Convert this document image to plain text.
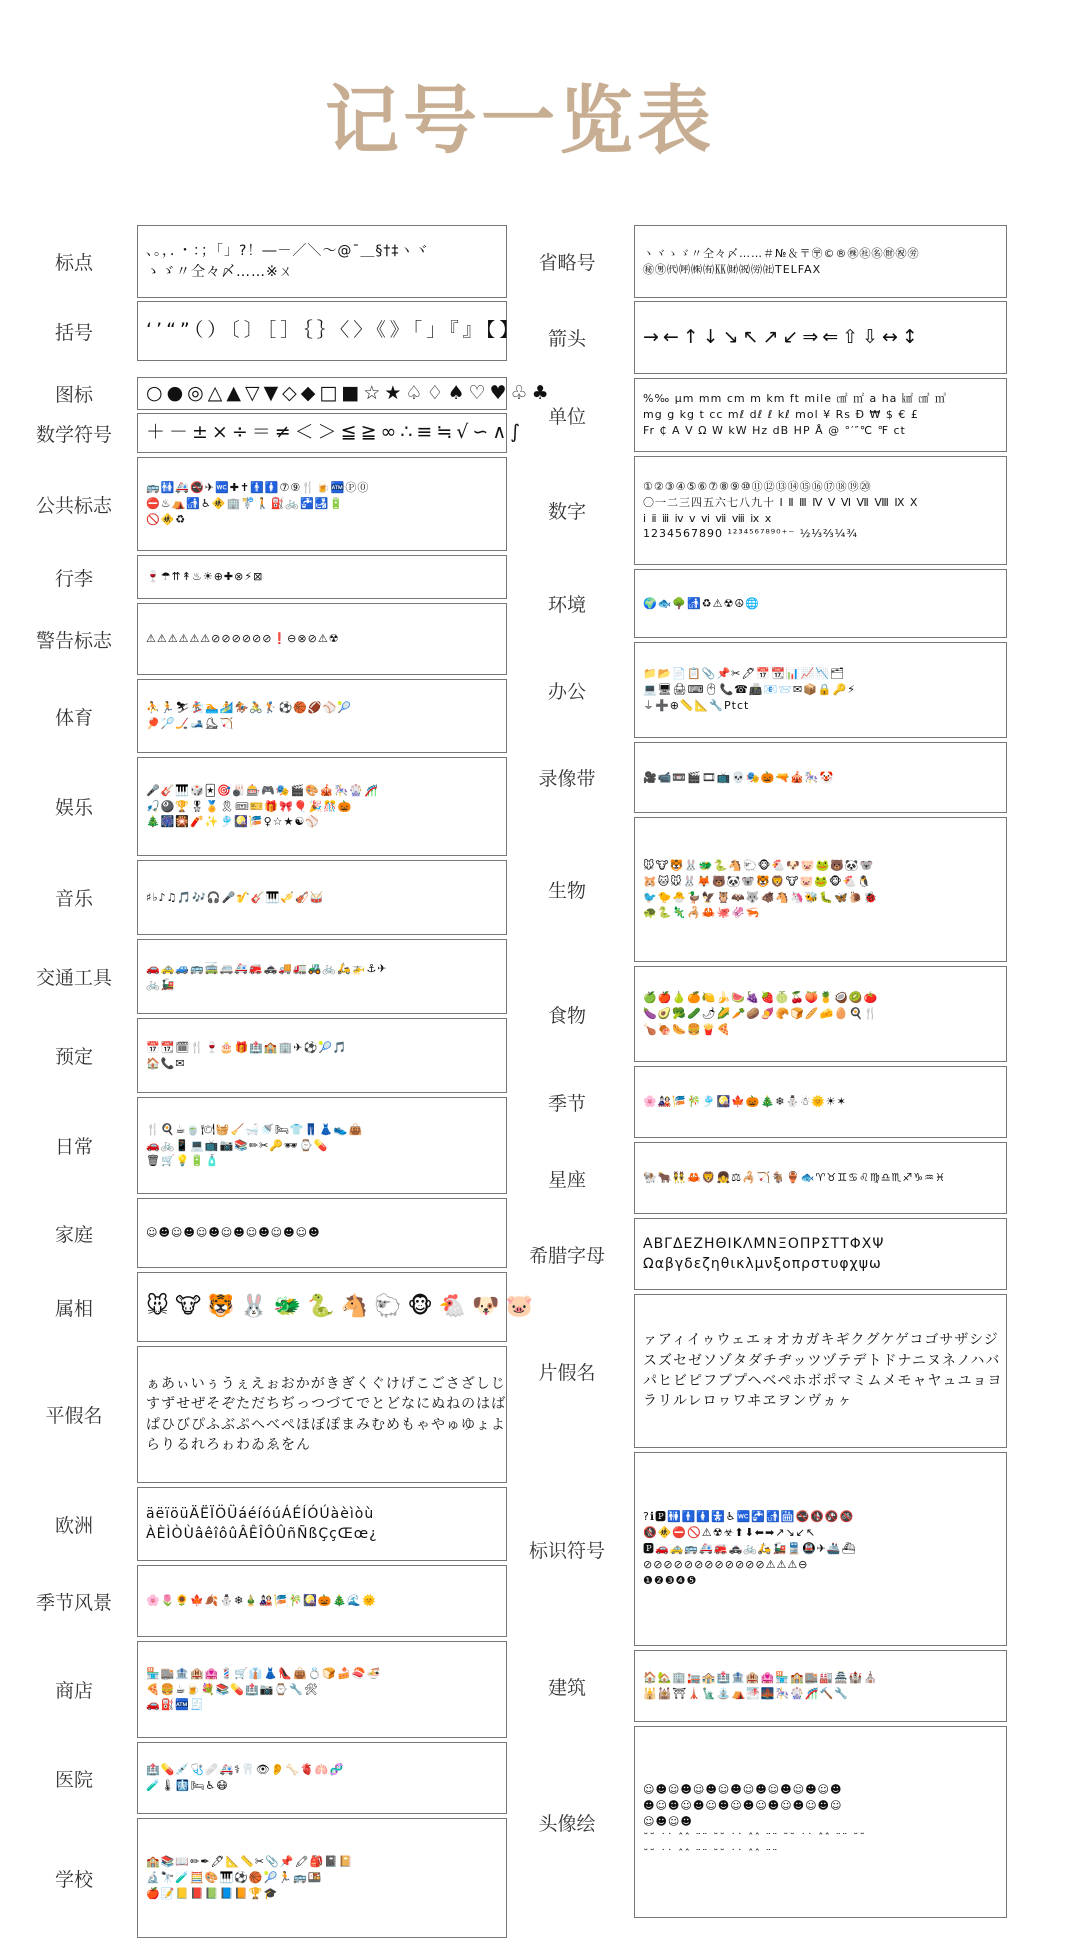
记号一览表
标点
、。，．・：；「」?！―－／＼～@¯＿§†‡ヽヾ
ゝゞ〃仝々〆……※ㄨ
括号	‘’“”（）〔〕［］｛｝〈〉《》「」『』【】
图标	○●◎△▲▽▼◇◆□■☆★♤♢♠♡♥♧♣
数学符号	＋－±×÷＝≠＜＞≦≧∞∴≡≒√∽∧∫
公共标志
🚌🚻🚑🚭✈🚾✚✝🚹🚺⑦⑨🍴🍺🏧Ⓟ⓪
⛔♨⛺🚮♿🚸🏢🚏🚶⛽🚲🚰🛃🔋
🚫🚸♻
行李	🍷☂⇈↟♨☀⊕✚⊗⚡⊠
警告标志	⚠⚠⚠⚠⚠⚠⊘⊘⊘⊘⊘⊘❗⊖⊗⊘⚠☢
体育	⛹🏃⛷🏂🏊🏄🏇🚴🏌⚽🏀🏈⚾🎾
🏓🏸🏒🎿⛸🏹
娱乐
🎤🎸🎹🎲🃏🎯🎳🎰🎮🎭🎬🎨🎪🎠🎡🎢
🎣🎱🏆🎖🏅🎗🎟🎫🎁🎀🎈🎉🎊🎃
🎄🎆🎇🧨✨🎐🎑🎏♀☆★☯⚾
音乐	♯♭♪♫🎵🎶🎧🎤🎷🎸🎹🎺🎻🥁
交通工具	🚗🚕🚙🚌🚎🚐🚑🚒🚓🚚🚛🚜🚲🛵🚁⚓✈
🚲🚂
预定	📅📆🗓🍴🍷🎂🎁🏥🏫🏢✈⚽🎾🎵
🏠📞✉
日常
🍴🍳☕🍵🍽🧺🧹🛁🚿🛏👕👖👗👟👜
🚗🚲📱💻📺📷📚✏✂🔑🕶⌚💊
🗑🛒💡🔋🧴
家庭	☺☻☺☻☺☻☺☻☺☻☺☻☺☻
属相	🐭🐮🐯🐰🐲🐍🐴🐑🐵🐔🐶🐷
平假名
ぁあぃいぅうぇえぉおかがきぎくぐけげこごさざしじ
すずせぜそぞただちぢっつづてでとどなにぬねのはば
ぱひびぴふぶぷへべぺほぼぽまみむめもゃやゅゆょよ
らりるれろゎわゐゑをん
欧洲
äëïöüÄËÏÖÜáéíóúÁÉÍÓÚàèìòù
ÀÈÌÒÙâêîôûÂÊÎÔÛñÑßÇçŒœ¿
季节风景	🌸🌷🌻🍁🍂⛄❄🎍🎎🎏🎋🎑🎃🎄🌊🌞
商店
🏪🏬🏦🏨🏩💈🛒👔👗👠👜💍🍞🍰🍣🍜
🍕🍔☕🍺💐📚💊🏥📷⌚🔧🛠
🚗⛽🏧🧾
医院	🏥💊💉🩺🩹🚑⚕🦷👁👂🦴🫀🫁🧬
🧪🌡🩻🛏♿😷
学校
🏫📚📖✏✒🖊📐📏✂📎📌🖍🎒📓📔
🔬🔭🧪🧮🎨🎹⚽🏀🎾🏃🚌🍱
🍎📝📒📕📗📘📙🏆🎓
省略号	ヽヾゝゞ〃仝々〆……＃№＆〒〶©®㊑㊓㊔㊖㊗㊘
㊙㊚㈹㈺㈱㈲㏍㈶㈷㈸㈳TELFAX
箭头	→←↑↓↘↖↗↙⇒⇐⇧⇩↔↕
单位
%‰ μm mm cm m km ft mile ㎠ ㎡ a ha ㎢ ㎤ ㎥
mg g kg t cc mℓ dℓ ℓ kℓ mol ¥ Rs Đ ₩ $ € £
Fr ₵ A V Ω W kW Hz dB HP Å @ °′″℃ ℉ ct
数字
①②③④⑤⑥⑦⑧⑨⑩⑪⑫⑬⑭⑮⑯⑰⑱⑲⑳
〇一二三四五六七八九十 Ⅰ Ⅱ Ⅲ Ⅳ Ⅴ Ⅵ Ⅶ Ⅷ Ⅸ Ⅹ
ⅰ ⅱ ⅲ ⅳ ⅴ ⅵ ⅶ ⅷ ⅸ ⅹ
1234567890 ¹²³⁴⁵⁶⁷⁸⁹⁰⁺⁻ ½⅓⅔¼¾
环境	🌍🐟🌳🚮♻⚠☢☮🌐
办公
📁📂📄📋📎📌✂🖊📅📆📊📈📉🗂
💻🖥🖨⌨🖱📞☎📠📧📨✉📦🔒🔑⚡
⏚➕⊕📏📐🔧Ptct
录像带	🎥📹📼🎬🎞📺💀🎭🎃🔫🎪🎠🤡
生物
🐭🐮🐯🐰🐲🐍🐴🐑🐵🐔🐶🐷🐸🐻🐼🐨
🐹🐱🐭🐰🦊🐻🐼🐨🐯🦁🐮🐷🐸🐵🐔🐧
🐦🐤🐣🦆🦅🦉🦇🐺🐗🐴🦄🐝🐛🦋🐌🐞
🐢🐍🦎🦂🦀🐙🦑🦐
食物
🍏🍎🍐🍊🍋🍌🍉🍇🍓🍈🍒🍑🍍🥥🥝🍅
🍆🥑🥦🥒🌶🌽🥕🥔🍠🥐🍞🥖🧀🥚🍳🍴
🍗🍖🌭🍔🍟🍕
季节	🌸🎎🎏🎋🎐🎑🍁🎃🎄❄⛄☃🌞☀✶
星座	🐏🐂👯🦀🦁👧⚖🦂🏹🐐🏺🐟♈♉♊♋♌♍♎♏♐♑♒♓
希腊字母
ΑΒΓΔΕΖΗΘΙΚΛΜΝΞΟΠΡΣΤΤΦΧΨ
Ωαβγδεζηθικλμνξοπρστυφχψω
片假名
ァアィイゥウェエォオカガキギクグケゲコゴサザシジ
スズセゼソゾタダチヂッツヅテデトドナニヌネノハバ
パヒビピフブプヘベペホボポマミムメモャヤュユョヨ
ラリルレロヮワヰヱヲンヴヵヶ
标识符号
?ℹ🅿🚻🚹🚺🚼♿🚾🚰🚮🛗🚭🚯🚱🚳
🚷🚸⛔🚫⚠☢☣⬆⬇⬅➡↗↘↙↖
🅿🚗🚕🚌🚑🚒🚓🚲🛵🚂🚆🚇✈🚢⛴
⊘⊘⊘⊘⊘⊘⊘⊘⊘⊘⊘⊘⚠⚠⚠⊖
❶❷❸❹❺
建筑	🏠🏡🏢🏣🏤🏥🏦🏨🏩🏪🏫🏬🏭🏯🏰⛪
🕌🕍⛩🗼🗽⛲⛺🌁🌉🎠🎡🎢🔨🔧
头像绘
☺☻☺☻☺☻☺☻☺☻☺☻☺☻☺☻
☻☺☻☺☻☺☻☺☻☺☻☺☻☺☻☺
☺☻☺☻
˘˘ ˙˙ ˆˆ ¨¨ ˘˘ ˙˙ ˆˆ ¨¨ ˘˘ ˙˙ ˆˆ ¨¨ ˘˘
˘˘ ˙˙ ˆˆ ¨¨ ˘˘ ˙˙ ˆˆ ¨¨
